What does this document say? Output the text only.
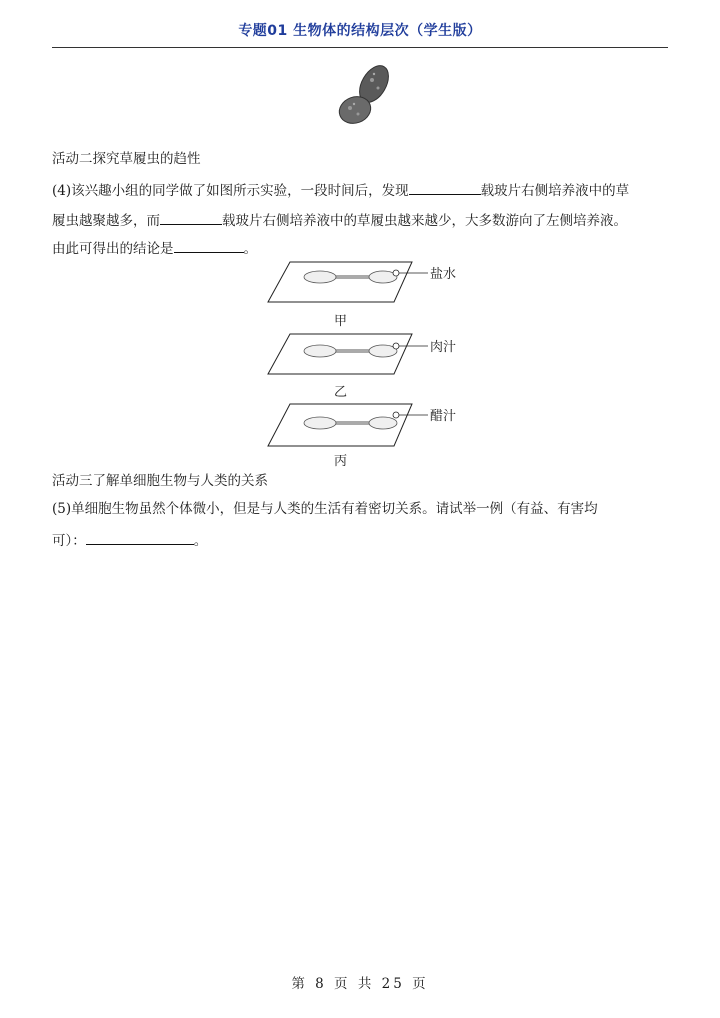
专题01 生物体的结构层次（学生版）
活动二探究草履虫的趋性
(4)该兴趣小组的同学做了如图所示实验，一段时间后，发现	载玻片右侧培养液中的草
履虫越聚越多，而	载玻片右侧培养液中的草履虫越来越少，大多数游向了左侧培养液。
由此可得出的结论是	。
盐水
甲
肉汁
乙
醋汁
丙
活动三了解单细胞生物与人类的关系
(5)单细胞生物虽然个体微小，但是与人类的生活有着密切关系。请试举一例（有益、有害均
可）：	。
第 8 页 共 25 页
